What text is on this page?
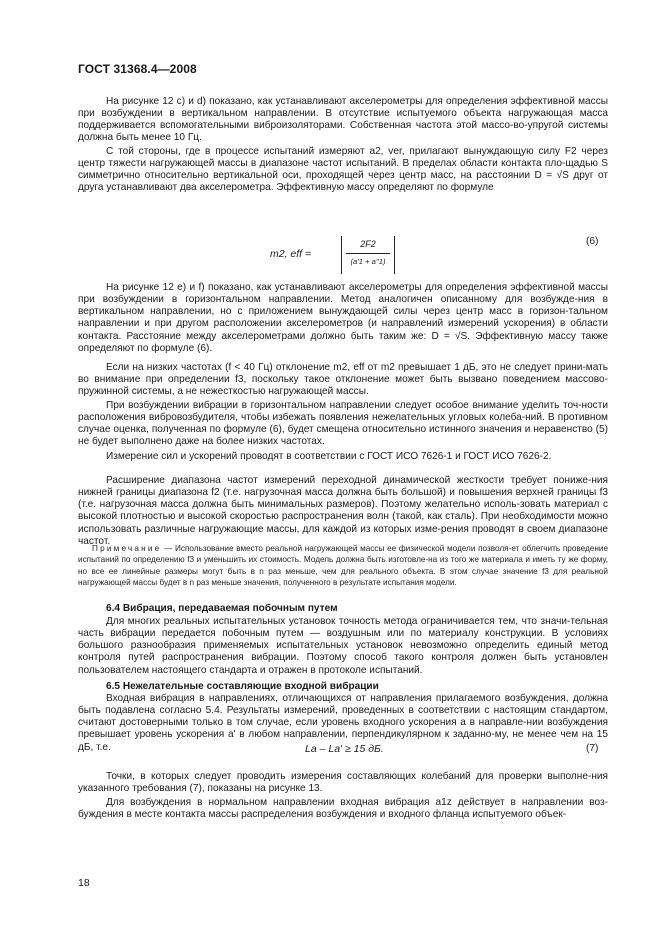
ГОСТ 31368.4—2008

На рисунке 12 с) и d) показано, как устанавливают акселерометры для определения эффективной массы при возбуждении в вертикальном направлении. В отсутствие испытуемого объекта нагружающая масса поддерживается вспомогательными виброизоляторами. Собственная частота этой массо-во-упругой системы должна быть менее 10 Гц.

С той стороны, где в процессе испытаний измеряют a2, ver, прилагают вынуждающую силу F2 через центр тяжести нагружающей массы в диапазоне частот испытаний. В пределах области контакта пло-щадью S симметрично относительно вертикальной оси, проходящей через центр масс, на расстоянии D = √S друг от друга устанавливают два акселерометра. Эффективную массу определяют по формуле

m2, eff =
2F2
(a'1 + a''1)
(6)

На рисунке 12 е) и f) показано, как устанавливают акселерометры для определения эффективной массы при возбуждении в горизонтальном направлении. Метод аналогичен описанному для возбужде-ния в вертикальном направлении, но с приложением вынуждающей силы через центр масс в горизон-тальном направлении и при другом расположении акселерометров (и направлений измерений ускорения) в области контакта. Расстояние между акселерометрами должно быть таким же: D = √S. Эффективную массу также определяют по формуле (6).

Если на низких частотах (f < 40 Гц) отклонение m2, eff от m2 превышает 1 дБ, это не следует прини-мать во внимание при определении f3, поскольку такое отклонение может быть вызвано поведением массово-пружинной системы, а не нежесткостью нагружающей массы.

При возбуждении вибрации в горизонтальном направлении следует особое внимание уделить точ-ности расположения вибровозбудителя, чтобы избежать появления нежелательных угловых колеба-ний. В противном случае оценка, полученная по формуле (6), будет смещена относительно истинного значения и неравенство (5) не будет выполнено даже на более низких частотах.

Измерение сил и ускорений проводят в соответствии с ГОСТ ИСО 7626-1 и ГОСТ ИСО 7626-2.

Расширение диапазона частот измерений переходной динамической жесткости требует пониже-ния нижней границы диапазона f2 (т.е. нагрузочная масса должна быть большой) и повышения верхней границы f3 (т.е. нагрузочная масса должна быть минимальных размеров). Поэтому желательно исполь-зовать материал с высокой плотностью и высокой скоростью распространения волн (такой, как сталь). При необходимости можно использовать различные нагружающие массы, для каждой из которых изме-рения проводят в своем диапазоне частот.

Примечание — Использование вместо реальной нагружающей массы ее физической модели позволя-ет облегчить проведение испытаний по определению f3 и уменьшить их стоимость. Модель должна быть изготовле-на из того же материала и иметь ту же форму, но все ее линейные размеры могут быть в n раз меньше, чем для реального объекта. В этом случае значение f3 для реальной нагружающей массы будет в n раз меньше значения, полученного в результате испытания модели.

6.4 Вибрация, передаваемая побочным путем

Для многих реальных испытательных установок точность метода ограничивается тем, что значи-тельная часть вибрации передается побочным путем — воздушным или по материалу конструкции. В условиях большого разнообразия применяемых испытательных установок невозможно определить единый метод контроля путей распространения вибрации. Поэтому способ такого контроля должен быть установлен пользователем настоящего стандарта и отражен в протоколе испытаний.

6.5 Нежелательные составляющие входной вибрации

Входная вибрация в направлениях, отличающихся от направления прилагаемого возбуждения, должна быть подавлена согласно 5.4. Результаты измерений, проведенных в соответствии с настоящим стандартом, считают достоверными только в том случае, если уровень входного ускорения a в направле-нии возбуждения превышает уровень ускорения a' в любом направлении, перпендикулярном к заданно-му, не менее чем на 15 дБ, т.е.	La – La' ≥ 15 дБ.	(7)

Точки, в которых следует проводить измерения составляющих колебаний для проверки выполне-ния указанного требования (7), показаны на рисунке 13.

Для возбуждения в нормальном направлении входная вибрация a1z действует в направлении воз-буждения в месте контакта массы распределения возбуждения и входного фланца испытуемого объек-

18
